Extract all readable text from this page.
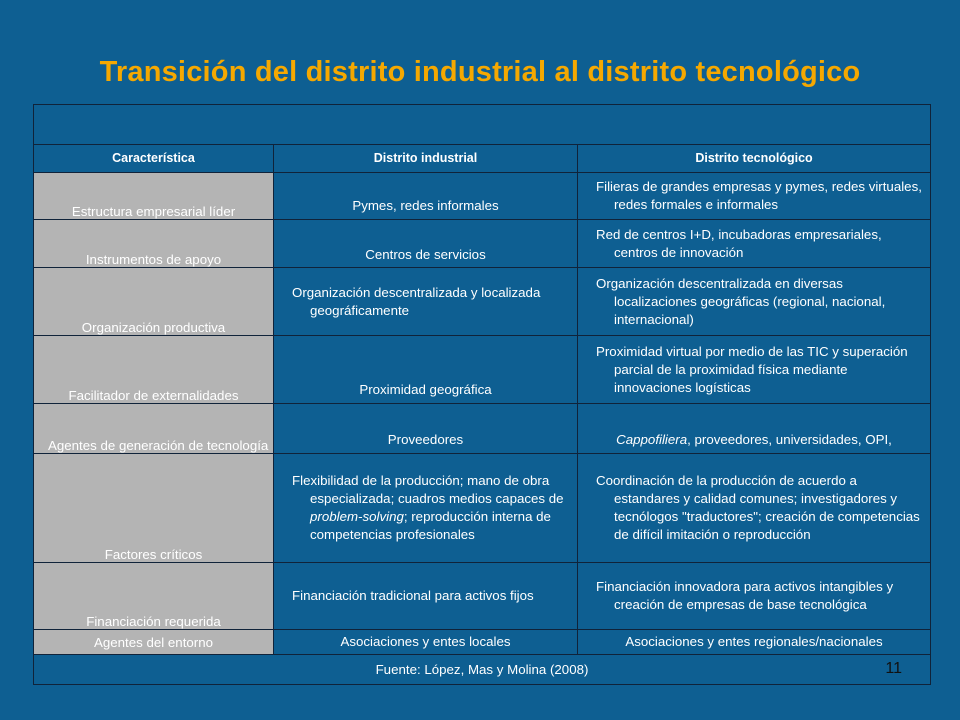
Transición del distrito industrial al distrito tecnológico

Característica	Distrito industrial	Distrito tecnológico
Estructura empresarial líder	Pymes, redes informales	Filieras de grandes empresas y pymes, redes virtuales, redes formales e informales

Instrumentos de apoyo	Centros de servicios	Red de centros I+D, incubadoras empresariales, centros de innovación

Organización productiva	Organización descentralizada y localizada geográficamente	Organización descentralizada en diversas localizaciones geográficas (regional, nacional, internacional)

Facilitador de externalidades	Proximidad geográfica	Proximidad virtual por medio de las TIC y superación parcial de la proximidad física mediante innovaciones logísticas

Agentes de generación de tecnología	Proveedores	Cappofiliera, proveedores, universidades, OPI,
Factores críticos	Flexibilidad de la producción; mano de obra especializada; cuadros medios capaces de problem-solving; reproducción interna de competencias profesionales	Coordinación de la producción de acuerdo a estandares y calidad comunes; investigadores y tecnólogos "traductores"; creación de competencias de difícil imitación o reproducción

Financiación requerida	Financiación tradicional para activos fijos	Financiación innovadora para activos intangibles y creación de empresas de base tecnológica

Agentes del entorno	Asociaciones y entes locales	Asociaciones y entes regionales/nacionales
Fuente: López, Mas y Molina (2008) 11		
